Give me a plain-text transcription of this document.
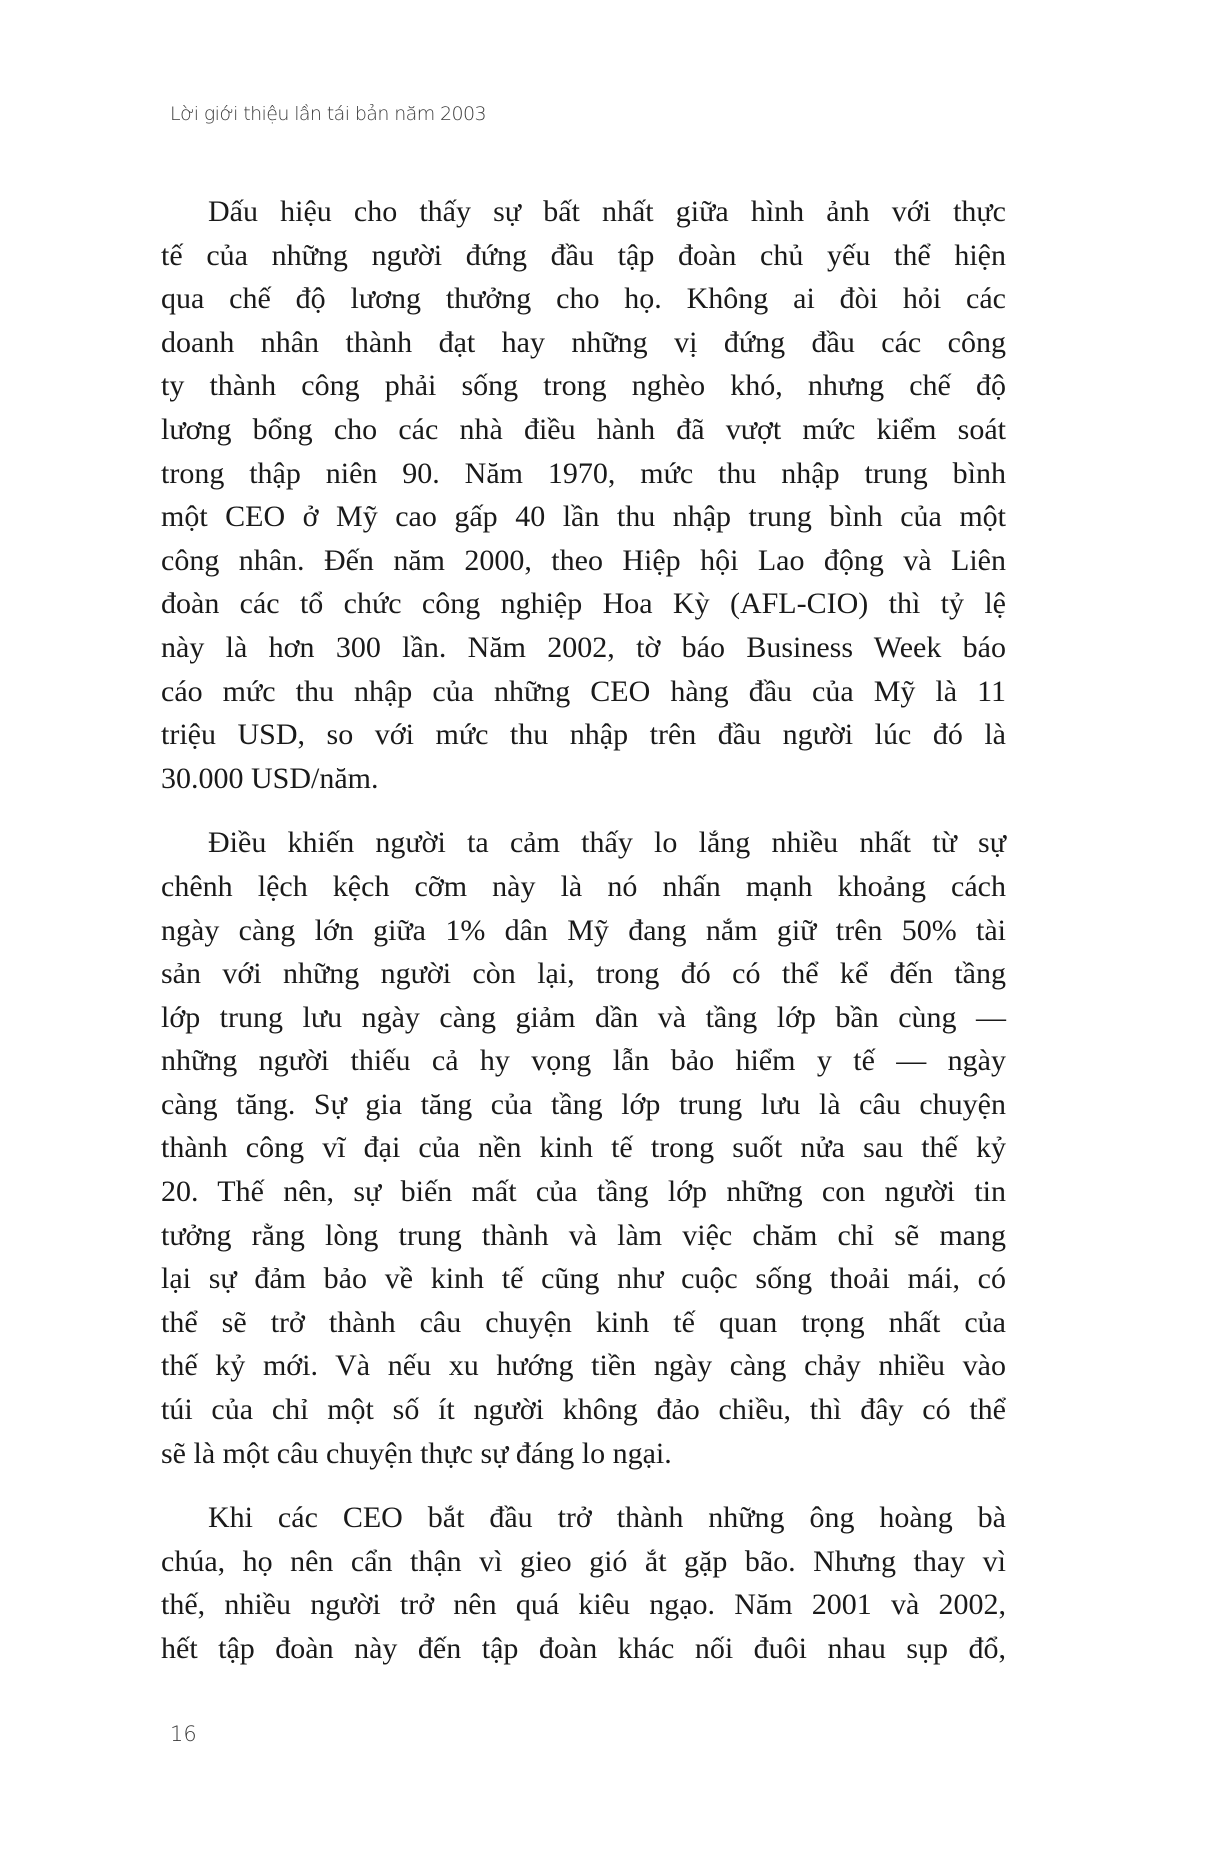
Lời giới thiệu lần tái bản năm 2003
Dấu hiệu cho thấy sự bất nhất giữa hình ảnh với thực
tế của những người đứng đầu tập đoàn chủ yếu thể hiện
qua chế độ lương thưởng cho họ. Không ai đòi hỏi các
doanh nhân thành đạt hay những vị đứng đầu các công
ty thành công phải sống trong nghèo khó, nhưng chế độ
lương bổng cho các nhà điều hành đã vượt mức kiểm soát
trong thập niên 90. Năm 1970, mức thu nhập trung bình
một CEO ở Mỹ cao gấp 40 lần thu nhập trung bình của một
công nhân. Đến năm 2000, theo Hiệp hội Lao động và Liên
đoàn các tổ chức công nghiệp Hoa Kỳ (AFL-CIO) thì tỷ lệ
này là hơn 300 lần. Năm 2002, tờ báo Business Week báo
cáo mức thu nhập của những CEO hàng đầu của Mỹ là 11
triệu USD, so với mức thu nhập trên đầu người lúc đó là
30.000 USD/năm.
Điều khiến người ta cảm thấy lo lắng nhiều nhất từ sự
chênh lệch kệch cỡm này là nó nhấn mạnh khoảng cách
ngày càng lớn giữa 1% dân Mỹ đang nắm giữ trên 50% tài
sản với những người còn lại, trong đó có thể kể đến tầng
lớp trung lưu ngày càng giảm dần và tầng lớp bần cùng —
những người thiếu cả hy vọng lẫn bảo hiểm y tế — ngày
càng tăng. Sự gia tăng của tầng lớp trung lưu là câu chuyện
thành công vĩ đại của nền kinh tế trong suốt nửa sau thế kỷ
20. Thế nên, sự biến mất của tầng lớp những con người tin
tưởng rằng lòng trung thành và làm việc chăm chỉ sẽ mang
lại sự đảm bảo về kinh tế cũng như cuộc sống thoải mái, có
thể sẽ trở thành câu chuyện kinh tế quan trọng nhất của
thế kỷ mới. Và nếu xu hướng tiền ngày càng chảy nhiều vào
túi của chỉ một số ít người không đảo chiều, thì đây có thể
sẽ là một câu chuyện thực sự đáng lo ngại.
Khi các CEO bắt đầu trở thành những ông hoàng bà
chúa, họ nên cẩn thận vì gieo gió ắt gặp bão. Nhưng thay vì
thế, nhiều người trở nên quá kiêu ngạo. Năm 2001 và 2002,
hết tập đoàn này đến tập đoàn khác nối đuôi nhau sụp đổ,
16
